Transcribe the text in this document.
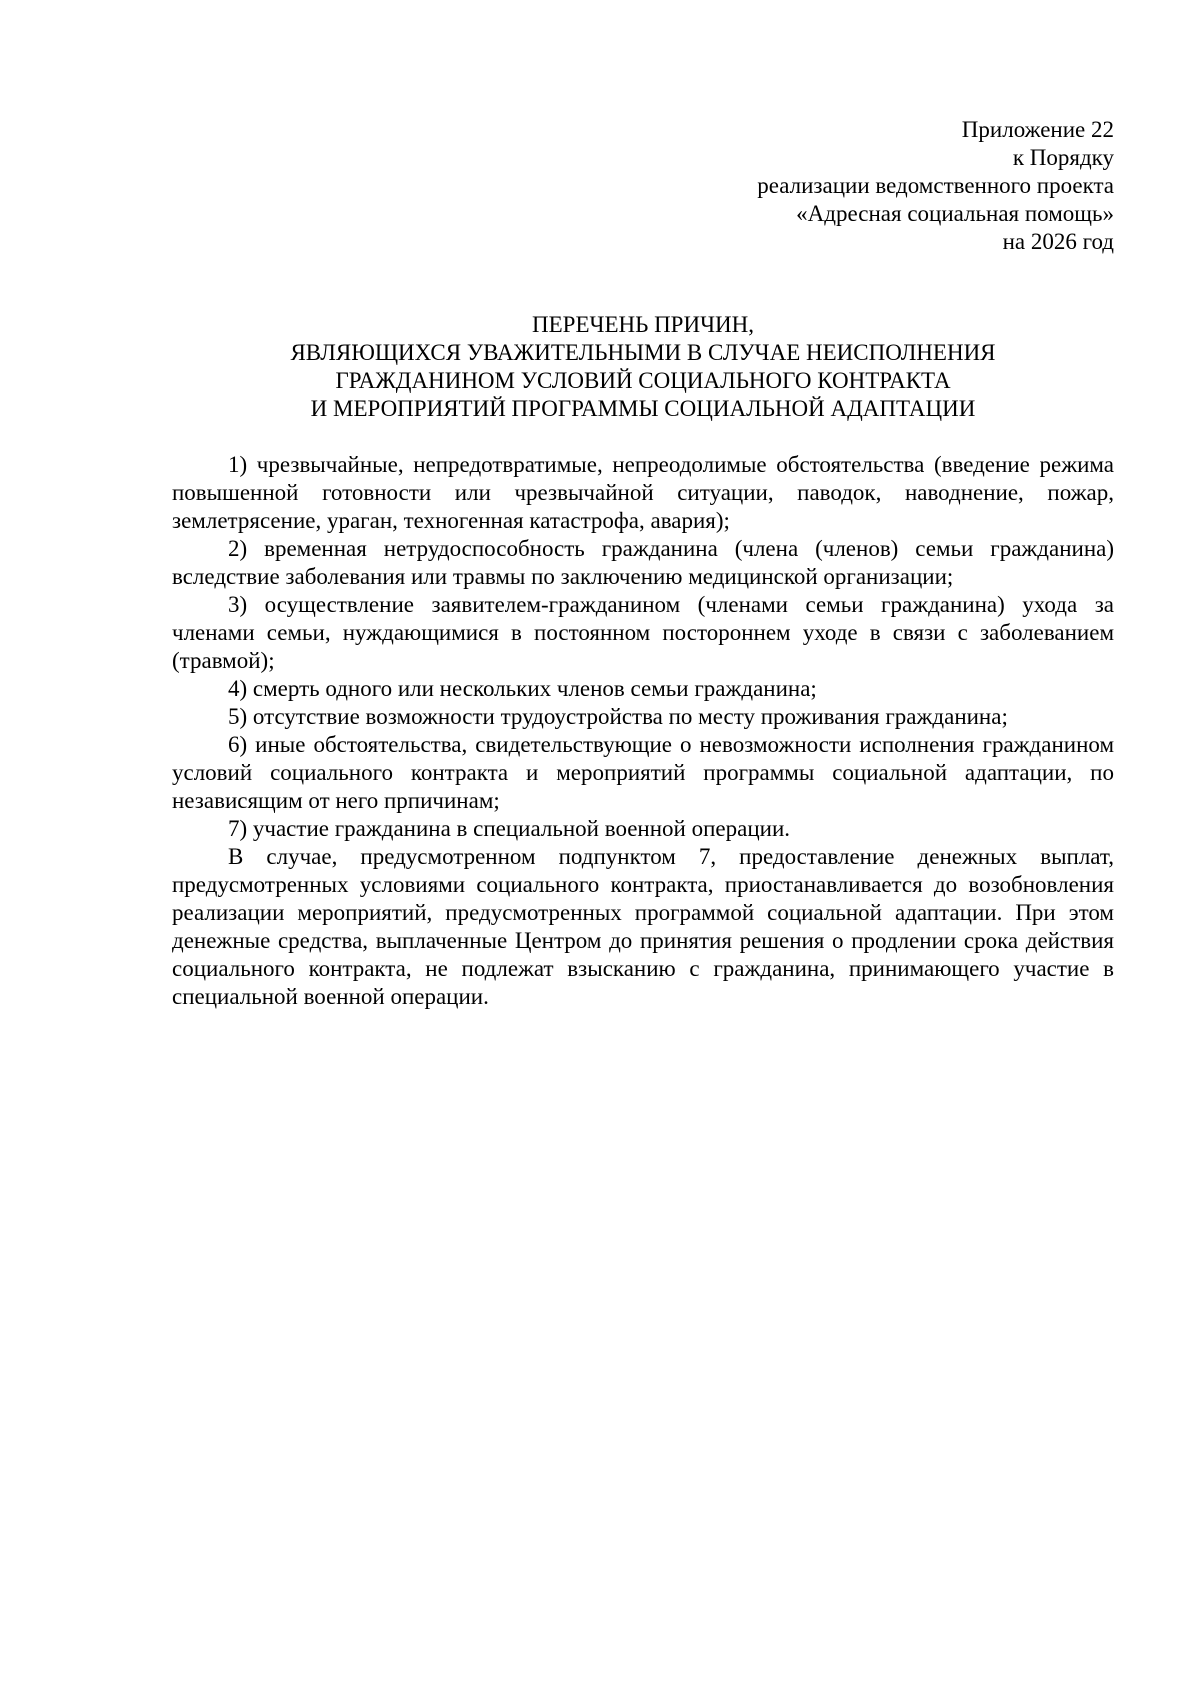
Приложение 22
к Порядку
реализации ведомственного проекта
«Адресная социальная помощь»
на 2026 год
ПЕРЕЧЕНЬ ПРИЧИН,
ЯВЛЯЮЩИХСЯ УВАЖИТЕЛЬНЫМИ В СЛУЧАЕ НЕИСПОЛНЕНИЯ
ГРАЖДАНИНОМ УСЛОВИЙ СОЦИАЛЬНОГО КОНТРАКТА
И МЕРОПРИЯТИЙ ПРОГРАММЫ СОЦИАЛЬНОЙ АДАПТАЦИИ

1) чрезвычайные, непредотвратимые, непреодолимые обстоятельства (введение режима повышенной готовности или чрезвычайной ситуации, паводок, наводнение, пожар, землетрясение, ураган, техногенная катастрофа, авария);

2) временная нетрудоспособность гражданина (члена (членов) семьи гражданина) вследствие заболевания или травмы по заключению медицинской организации;

3) осуществление заявителем-гражданином (членами семьи гражданина) ухода за членами семьи, нуждающимися в постоянном постороннем уходе в связи с заболеванием (травмой);

4) смерть одного или нескольких членов семьи гражданина;

5) отсутствие возможности трудоустройства по месту проживания гражданина;

6) иные обстоятельства, свидетельствующие о невозможности исполнения гражданином условий социального контракта и мероприятий программы социальной адаптации, по независящим от него прпичинам;

7) участие гражданина в специальной военной операции.

В случае, предусмотренном подпунктом 7, предоставление денежных выплат, предусмотренных условиями социального контракта, приостанавливается до возобновления реализации мероприятий, предусмотренных программой социальной адаптации. При этом денежные средства, выплаченные Центром до принятия решения о продлении срока действия социального контракта, не подлежат взысканию с гражданина, принимающего участие в специальной военной операции.
